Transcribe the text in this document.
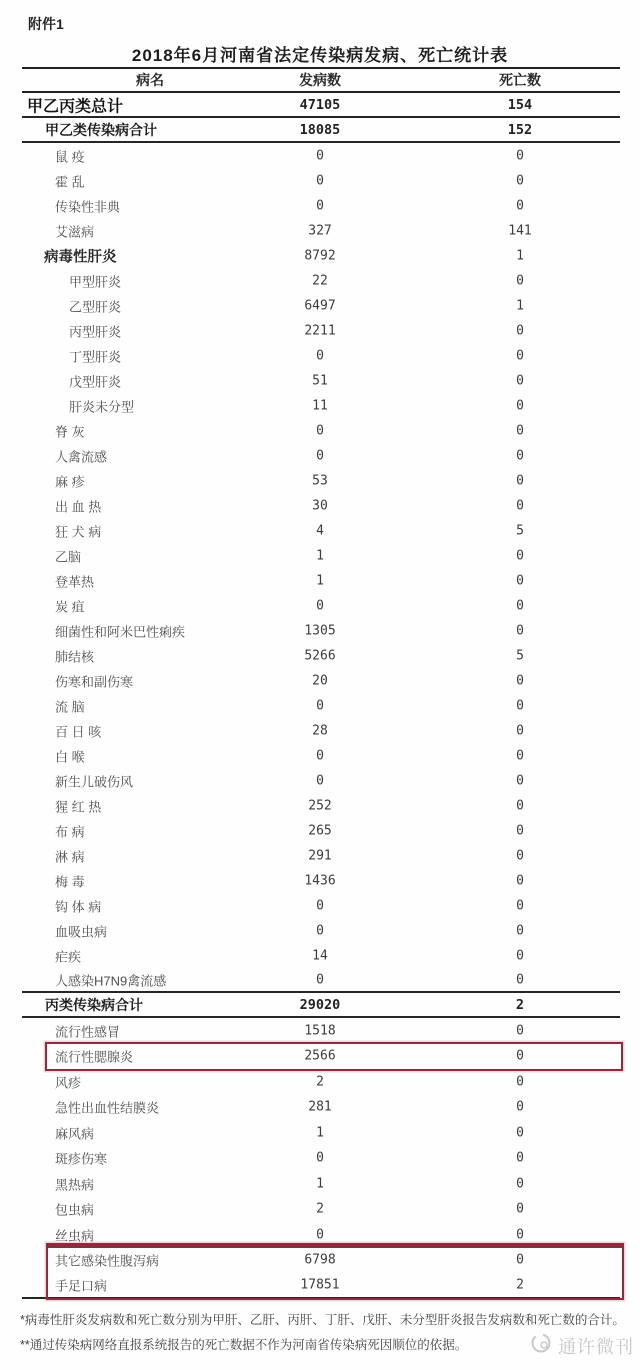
附件1
2018年6月河南省法定传染病发病、死亡统计表
病名	发病数	死亡数
甲乙丙类总计	47105	154
甲乙类传染病合计	18085	152
鼠 疫	0	0
霍 乱	0	0
传染性非典	0	0
艾滋病	327	141
病毒性肝炎	8792	1
甲型肝炎	22	0
乙型肝炎	6497	1
丙型肝炎	2211	0
丁型肝炎	0	0
戊型肝炎	51	0
肝炎未分型	11	0
脊 灰	0	0
人禽流感	0	0
麻 疹	53	0
出 血 热	30	0
狂 犬 病	4	5
乙脑	1	0
登革热	1	0
炭 疽	0	0
细菌性和阿米巴性痢疾	1305	0
肺结核	5266	5
伤寒和副伤寒	20	0
流 脑	0	0
百 日 咳	28	0
白 喉	0	0
新生儿破伤风	0	0
猩 红 热	252	0
布 病	265	0
淋 病	291	0
梅 毒	1436	0
钩 体 病	0	0
血吸虫病	0	0
疟疾	14	0
人感染H7N9禽流感	0	0
丙类传染病合计	29020	2
流行性感冒	1518	0
流行性腮腺炎	2566	0
风疹	2	0
急性出血性结膜炎	281	0
麻风病	1	0
斑疹伤寒	0	0
黑热病	1	0
包虫病	2	0
丝虫病	0	0
其它感染性腹泻病	6798	0
手足口病	17851	2
*病毒性肝炎发病数和死亡数分别为甲肝、乙肝、丙肝、丁肝、戊肝、未分型肝炎报告发病数和死亡数的合计。
**通过传染病网络直报系统报告的死亡数据不作为河南省传染病死因顺位的依据。	通许微刊
